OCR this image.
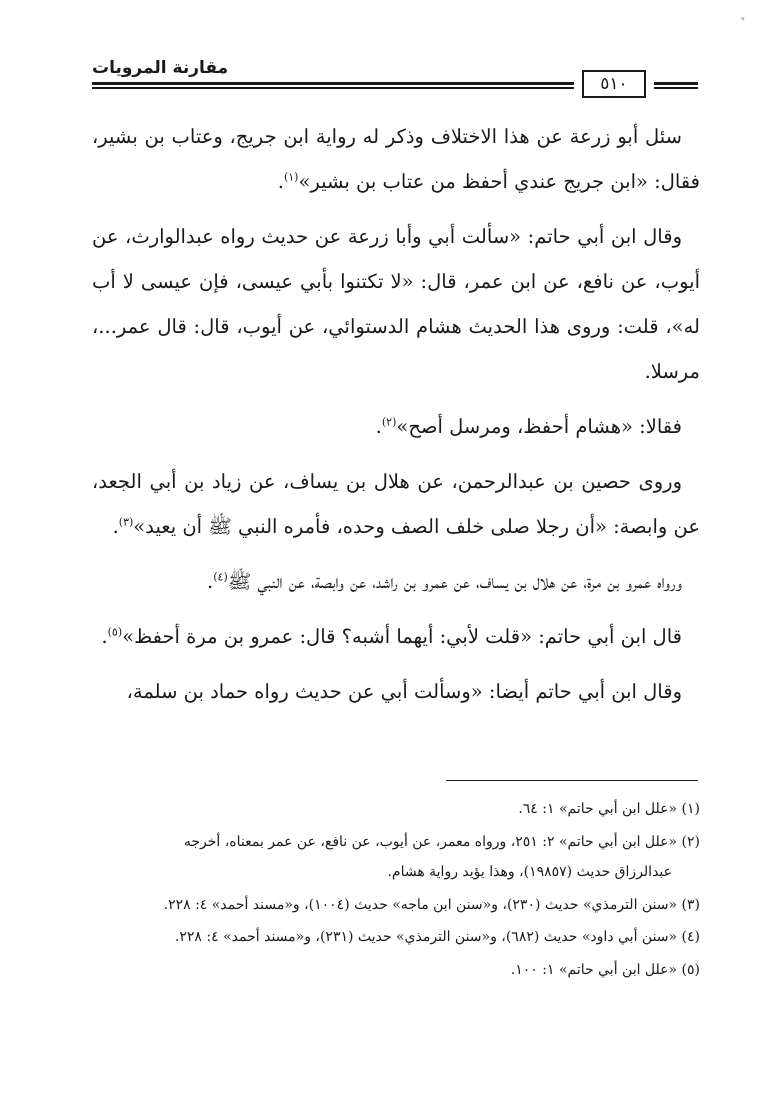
ᵥ
مقارنة المرويات
٥١٠

سئل أبو زرعة عن هذا الاختلاف وذكر له رواية ابن جريج، وعتاب بن بشير، فقال: «ابن جريج عندي أحفظ من عتاب بن بشير»$^{(١)}$.

وقال ابن أبي حاتم: «سألت أبي وأبا زرعة عن حديث رواه عبدالوارث، عن أيوب، عن نافع، عن ابن عمر، قال: «لا تكتنوا بأبي عيسى، فإن عيسى لا أب له»، قلت: وروى هذا الحديث هشام الدستوائي، عن أيوب، قال: قال عمر...، مرسلا.

فقالا: «هشام أحفظ، ومرسل أصح»$^{(٢)}$.

وروى حصين بن عبدالرحمن، عن هلال بن يساف، عن زياد بن أبي الجعد، عن وابصة: «أن رجلا صلى خلف الصف وحده، فأمره النبي ﷺ أن يعيد»$^{(٣)}$.

ورواه عمرو بن مرة، عن هلال بن يساف، عن عمرو بن راشد، عن وابصة، عن النبي ﷺ$^{(٤)}$.

قال ابن أبي حاتم: «قلت لأبي: أيهما أشبه؟ قال: عمرو بن مرة أحفظ»$^{(٥)}$.

وقال ابن أبي حاتم أيضا: «وسألت أبي عن حديث رواه حماد بن سلمة،

(١) «علل ابن أبي حاتم» ١: ٦٤.

(٢) «علل ابن أبي حاتم» ٢: ٢٥١، ورواه معمر، عن أيوب، عن نافع، عن عمر بمعناه، أخرجه
عبدالرزاق حديث (١٩٨٥٧)، وهذا يؤيد رواية هشام.

(٣) «سنن الترمذي» حديث (٢٣٠)، و«سنن ابن ماجه» حديث (١٠٠٤)، و«مسند أحمد» ٤: ٢٢٨.

(٤) «سنن أبي داود» حديث (٦٨٢)، و«سنن الترمذي» حديث (٢٣١)، و«مسند أحمد» ٤: ٢٢٨.

(٥) «علل ابن أبي حاتم» ١: ١٠٠.
